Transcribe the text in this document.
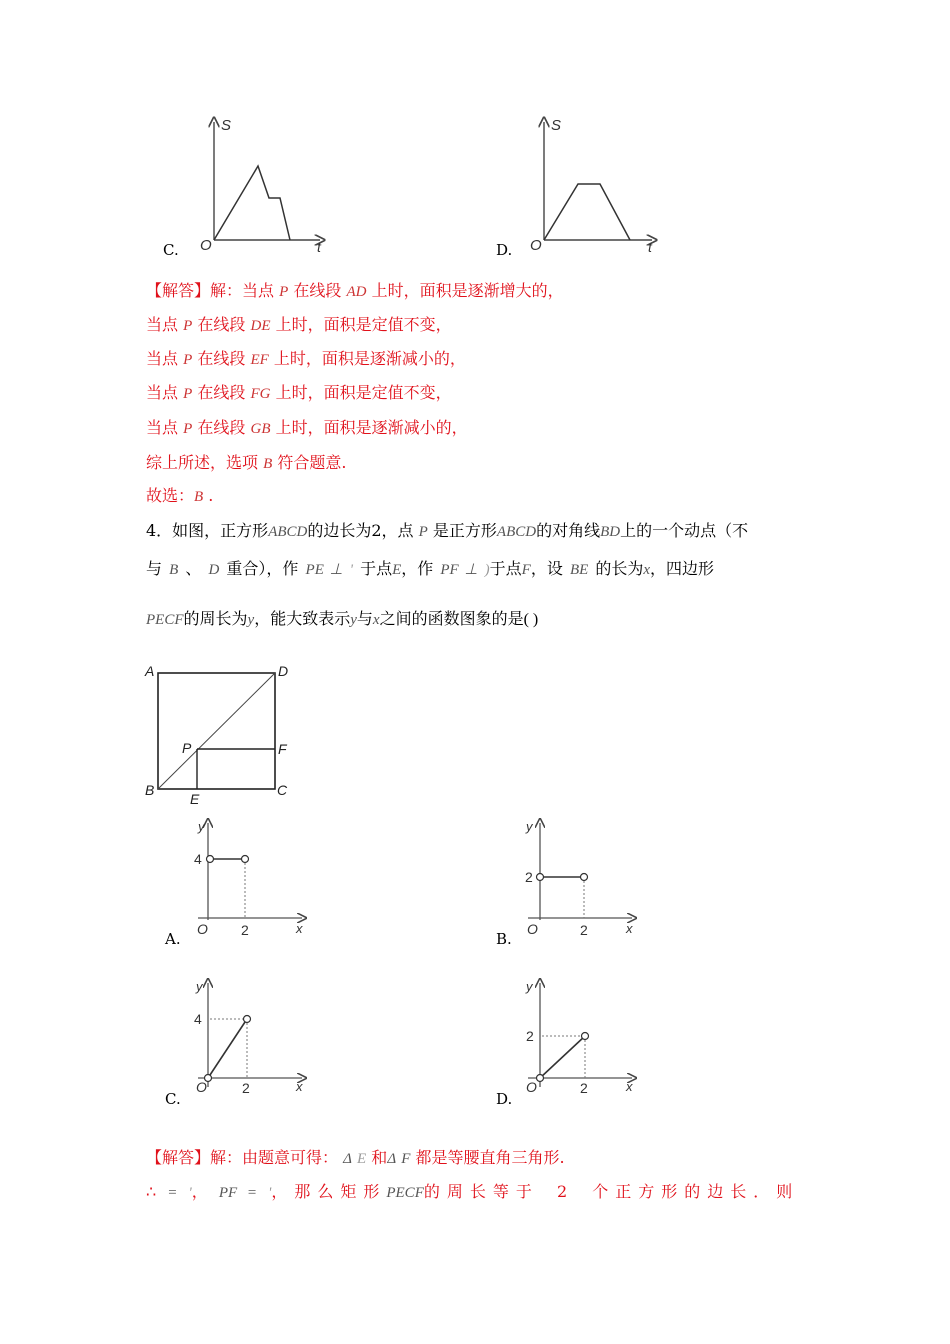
C.
S
O	t	D.
S
O	t
【解答】解：当点 P 在线段 AD 上时，面积是逐渐增大的，
当点 P 在线段 DE 上时，面积是定值不变，
当点 P 在线段 EF 上时，面积是逐渐减小的，
当点 P 在线段 FG 上时，面积是定值不变，
当点 P 在线段 GB 上时，面积是逐渐减小的，
综上所述，选项 B 符合题意.
故选：B .
4．如图，正方形ABCD的边长为2，点 P 是正方形ABCD的对角线BD上的一个动点（不
与 B 、 D 重合），作 PE ⊥ ʹ 于点E，作 PF ⊥ )于点F，设 BE 的长为x，四边形
PECF的周长为y，能大致表示y与x之间的函数图象的是( )
A	D
B	C
E
F
P
A.
y
4
O 2	x
B.
y
2
O	2	x
C.
y
4
O	2	x
D.
y
2
O	2	x
【解答】解：由题意可得： Δ E 和Δ F 都是等腰直角三角形.
∴ = ʹ， PF = ʹ，那么矩形PECF的周长等于 2 个正方形的边长．则
